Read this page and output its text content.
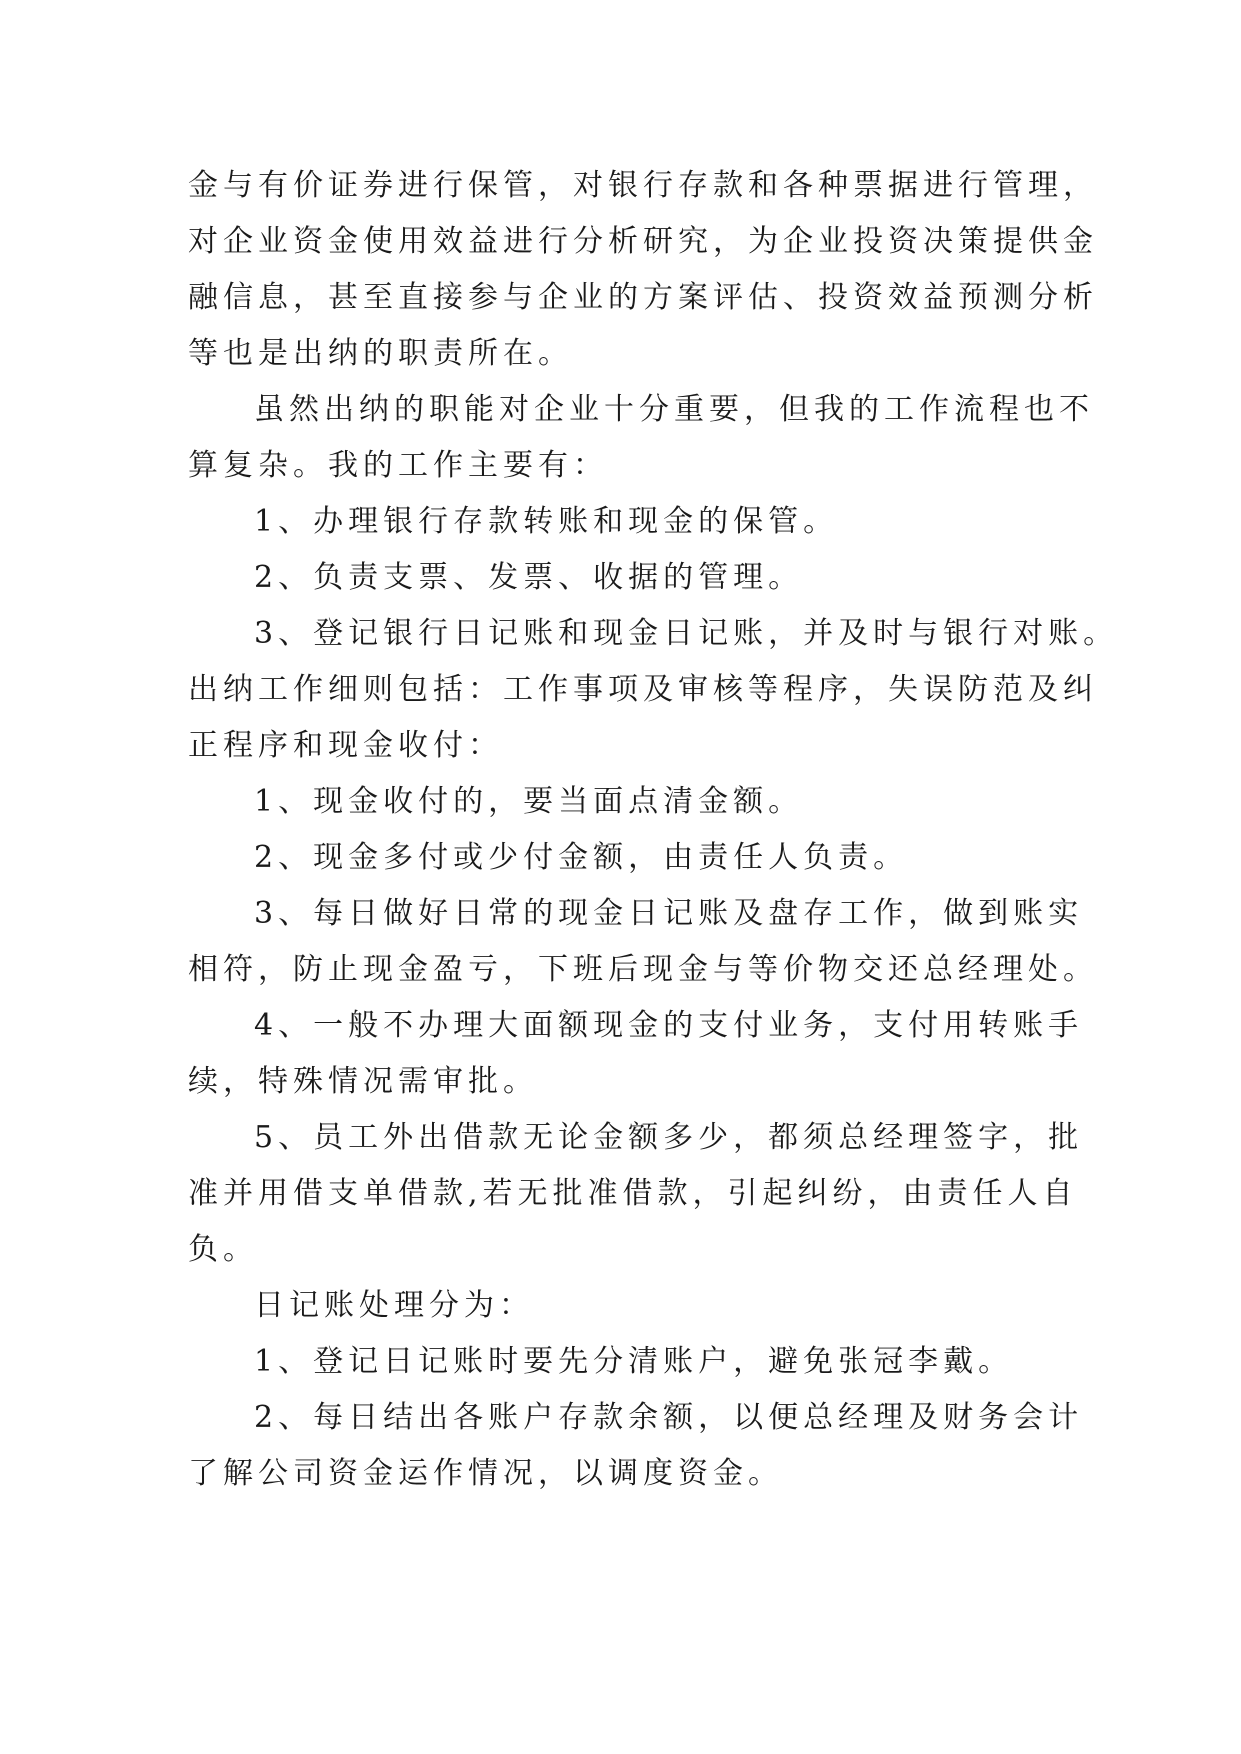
金与有价证券进行保管，对银行存款和各种票据进行管理，
对企业资金使用效益进行分析研究，为企业投资决策提供金
融信息，甚至直接参与企业的方案评估、投资效益预测分析
等也是出纳的职责所在。
虽然出纳的职能对企业十分重要，但我的工作流程也不
算复杂。我的工作主要有：
1、办理银行存款转账和现金的保管。
2、负责支票、发票、收据的管理。
3、登记银行日记账和现金日记账，并及时与银行对账。
出纳工作细则包括：工作事项及审核等程序，失误防范及纠
正程序和现金收付：
1、现金收付的，要当面点清金额。
2、现金多付或少付金额，由责任人负责。
3、每日做好日常的现金日记账及盘存工作，做到账实
相符，防止现金盈亏，下班后现金与等价物交还总经理处。
4、一般不办理大面额现金的支付业务，支付用转账手
续，特殊情况需审批。
5、员工外出借款无论金额多少，都须总经理签字，批
准并用借支单借款,若无批准借款，引起纠纷，由责任人自
负。
日记账处理分为：
1、登记日记账时要先分清账户，避免张冠李戴。
2、每日结出各账户存款余额，以便总经理及财务会计
了解公司资金运作情况，以调度资金。
